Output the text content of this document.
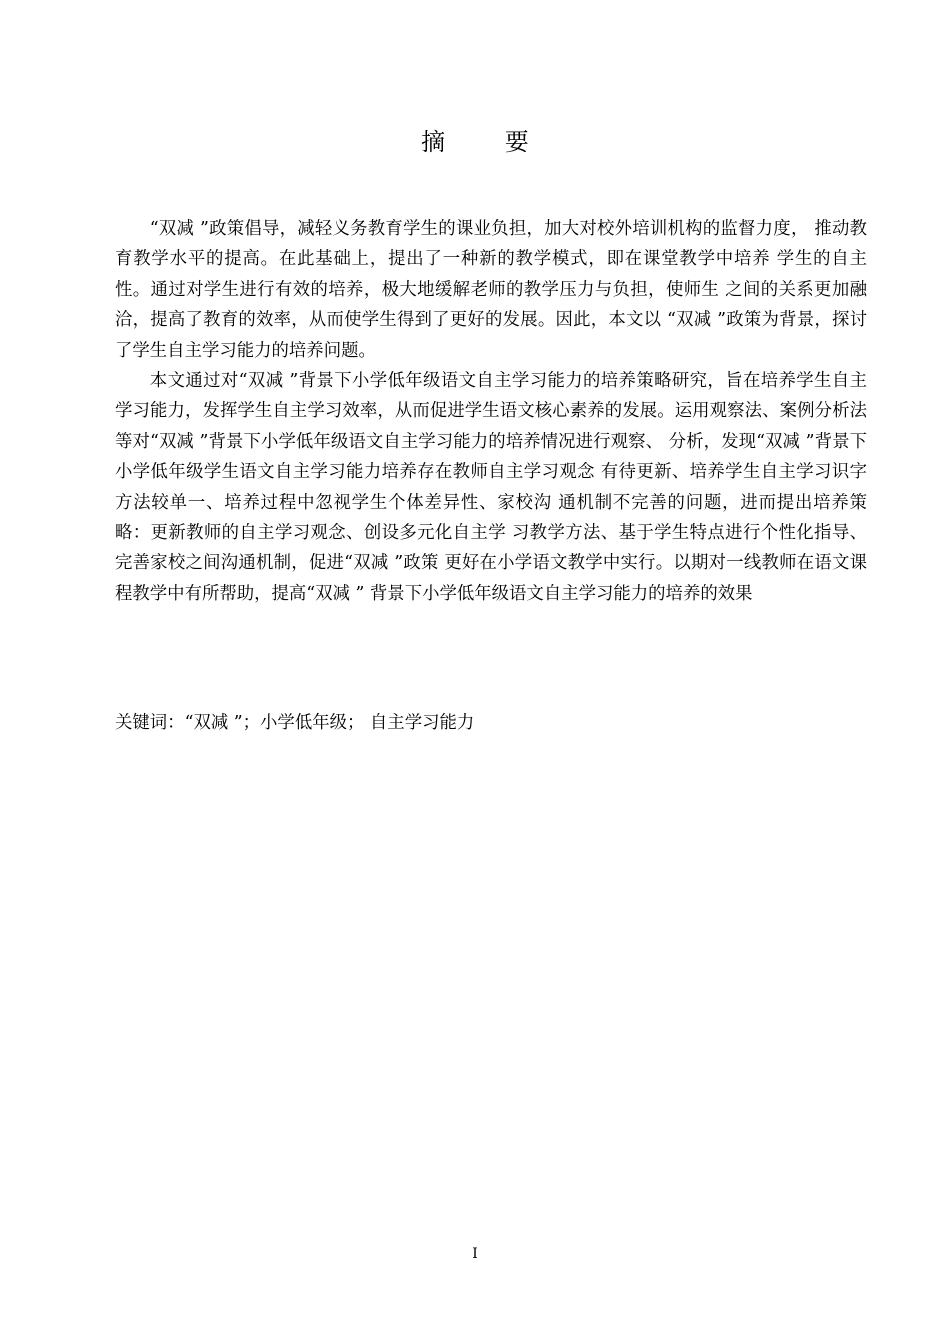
摘 要

“双减 ”政策倡导，减轻义务教育学生的课业负担，加大对校外培训机构的监督力度， 推动教育教学水平的提高。在此基础上，提出了一种新的教学模式，即在课堂教学中培养 学生的自主性。通过对学生进行有效的培养，极大地缓解老师的教学压力与负担，使师生 之间的关系更加融洽，提高了教育的效率，从而使学生得到了更好的发展。因此，本文以 “双减 ”政策为背景，探讨了学生自主学习能力的培养问题。

本文通过对“双减 ”背景下小学低年级语文自主学习能力的培养策略研究，旨在培养学生自主学习能力，发挥学生自主学习效率，从而促进学生语文核心素养的发展。运用观察法、案例分析法等对“双减 ”背景下小学低年级语文自主学习能力的培养情况进行观察、 分析，发现“双减 ”背景下小学低年级学生语文自主学习能力培养存在教师自主学习观念 有待更新、培养学生自主学习识字方法较单一、培养过程中忽视学生个体差异性、家校沟 通机制不完善的问题，进而提出培养策略：更新教师的自主学习观念、创设多元化自主学 习教学方法、基于学生特点进行个性化指导、完善家校之间沟通机制，促进“双减 ”政策 更好在小学语文教学中实行。以期对一线教师在语文课程教学中有所帮助，提高“双减 ” 背景下小学低年级语文自主学习能力的培养的效果

关键词：“双减 ”；小学低年级； 自主学习能力
I
